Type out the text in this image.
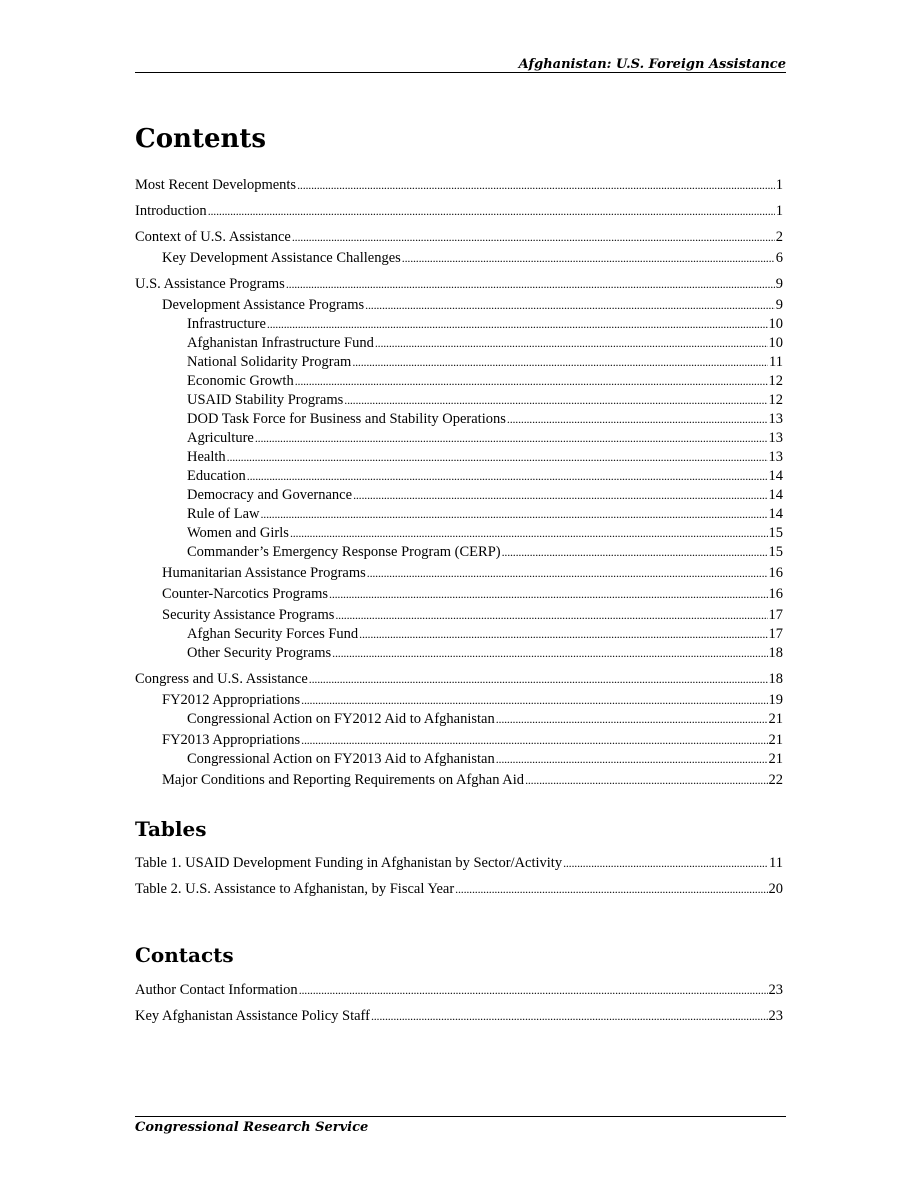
Afghanistan: U.S. Foreign Assistance
Contents
Most Recent Developments . . .	1
Introduction . . .	1
Context of U.S. Assistance . . .	2
Key Development Assistance Challenges . . .	6
U.S. Assistance Programs . . .	9
Development Assistance Programs . . .	9
Infrastructure . . .	10
Afghanistan Infrastructure Fund . . .	10
National Solidarity Program . . .	11
Economic Growth . . .	12
USAID Stability Programs . . .	12
DOD Task Force for Business and Stability Operations . . .	13
Agriculture . . .	13
Health . . .	13
Education . . .	14
Democracy and Governance . . .	14
Rule of Law . . .	14
Women and Girls . . .	15
Commander’s Emergency Response Program (CERP) . . .	15
Humanitarian Assistance Programs . . .	16
Counter-Narcotics Programs . . .	16
Security Assistance Programs . . .	17
Afghan Security Forces Fund . . .	17
Other Security Programs . . .	18
Congress and U.S. Assistance . . .	18
FY2012 Appropriations . . .	19
Congressional Action on FY2012 Aid to Afghanistan . . .	21
FY2013 Appropriations . . .	21
Congressional Action on FY2013 Aid to Afghanistan . . .	21
Major Conditions and Reporting Requirements on Afghan Aid . . .	22
Tables
Table 1. USAID Development Funding in Afghanistan by Sector/Activity . . .	11
Table 2. U.S. Assistance to Afghanistan, by Fiscal Year . . .	20
Contacts
Author Contact Information . . .	23
Key Afghanistan Assistance Policy Staff . . .	23
Congressional Research Service
